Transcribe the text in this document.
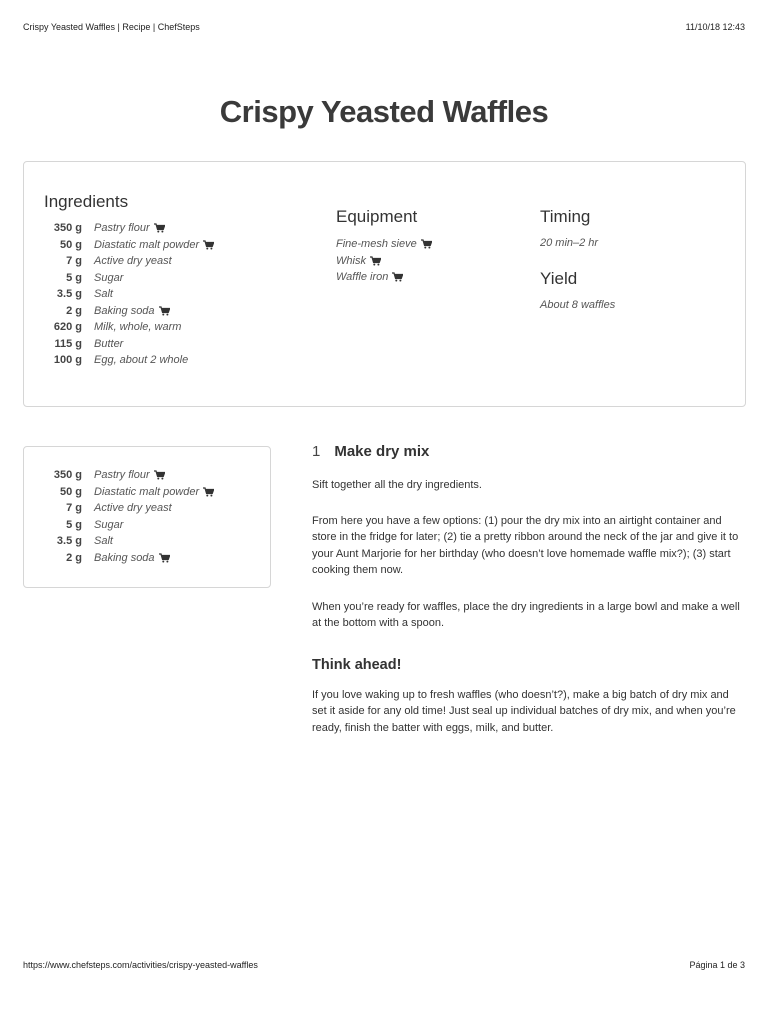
Crispy Yeasted Waffles | Recipe | ChefSteps	11/10/18 12:43
Crispy Yeasted Waffles
Ingredients
350 g Pastry flour
50 g Diastatic malt powder
7 g Active dry yeast
5 g Sugar
3.5 g Salt
2 g Baking soda
620 g Milk, whole, warm
115 g Butter
100 g Egg, about 2 whole
Equipment
Fine-mesh sieve
Whisk
Waffle iron
Timing
20 min–2 hr
Yield
About 8 waffles
350 g Pastry flour
50 g Diastatic malt powder
7 g Active dry yeast
5 g Sugar
3.5 g Salt
2 g Baking soda
1 Make dry mix

Sift together all the dry ingredients.

From here you have a few options: (1) pour the dry mix into an airtight container and store in the fridge for later; (2) tie a pretty ribbon around the neck of the jar and give it to your Aunt Marjorie for her birthday (who doesn’t love homemade waffle mix?); (3) start cooking them now.

When you’re ready for waffles, place the dry ingredients in a large bowl and make a well at the bottom with a spoon.

Think ahead!

If you love waking up to fresh waffles (who doesn’t?), make a big batch of dry mix and set it aside for any old time! Just seal up individual batches of dry mix, and when you’re ready, finish the batter with eggs, milk, and butter.

https://www.chefsteps.com/activities/crispy-yeasted-waffles	Página 1 de 3
